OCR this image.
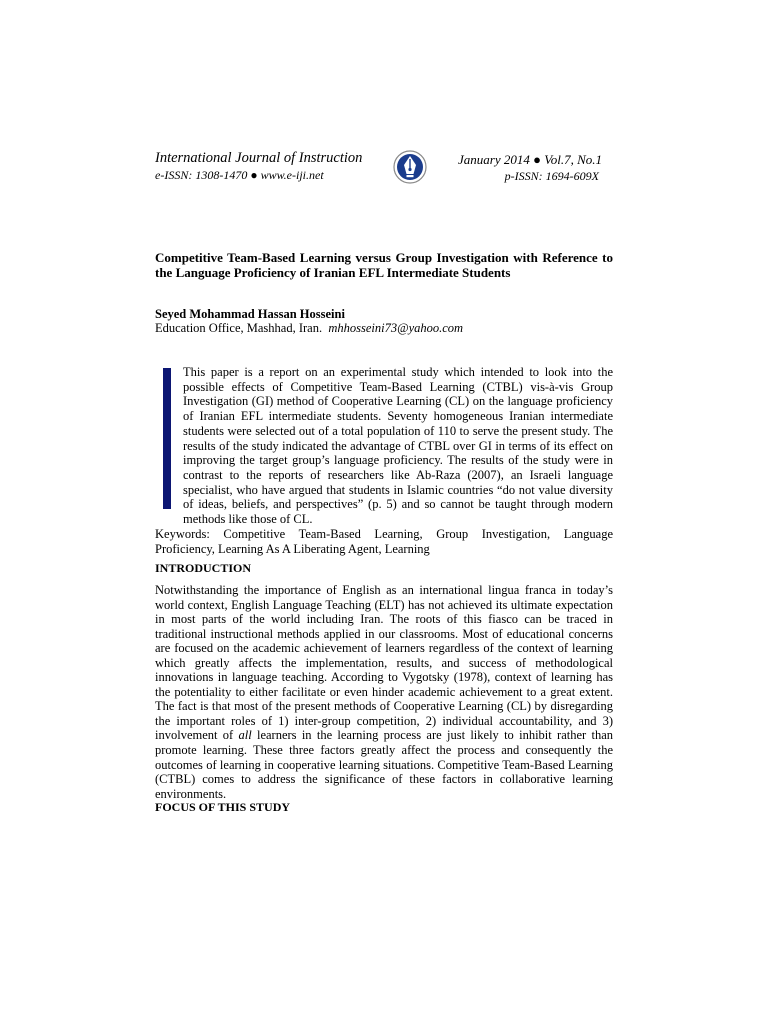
International Journal of Instruction
e-ISSN: 1308-1470 ● www.e-iji.net
January 2014 ● Vol.7, No.1
p-ISSN: 1694-609X
Competitive Team-Based Learning versus Group Investigation with Reference to the Language Proficiency of Iranian EFL Intermediate Students
Seyed Mohammad Hassan Hosseini
Education Office, Mashhad, Iran. mhhosseini73@yahoo.com
This paper is a report on an experimental study which intended to look into the possible effects of Competitive Team-Based Learning (CTBL) vis-à-vis Group Investigation (GI) method of Cooperative Learning (CL) on the language proficiency of Iranian EFL intermediate students. Seventy homogeneous Iranian intermediate students were selected out of a total population of 110 to serve the present study. The results of the study indicated the advantage of CTBL over GI in terms of its effect on improving the target group’s language proficiency. The results of the study were in contrast to the reports of researchers like Ab-Raza (2007), an Israeli language specialist, who have argued that students in Islamic countries “do not value diversity of ideas, beliefs, and perspectives” (p. 5) and so cannot be taught through modern methods like those of CL.
Keywords: Competitive Team-Based Learning, Group Investigation, Language Proficiency, Learning As A Liberating Agent, Learning
INTRODUCTION
Notwithstanding the importance of English as an international lingua franca in today’s world context, English Language Teaching (ELT) has not achieved its ultimate expectation in most parts of the world including Iran. The roots of this fiasco can be traced in traditional instructional methods applied in our classrooms. Most of educational concerns are focused on the academic achievement of learners regardless of the context of learning which greatly affects the implementation, results, and success of methodological innovations in language teaching. According to Vygotsky (1978), context of learning has the potentiality to either facilitate or even hinder academic achievement to a great extent. The fact is that most of the present methods of Cooperative Learning (CL) by disregarding the important roles of 1) inter-group competition, 2) individual accountability, and 3) involvement of all learners in the learning process are just likely to inhibit rather than promote learning. These three factors greatly affect the process and consequently the outcomes of learning in cooperative learning situations. Competitive Team-Based Learning (CTBL) comes to address the significance of these factors in collaborative learning environments.
FOCUS OF THIS STUDY
